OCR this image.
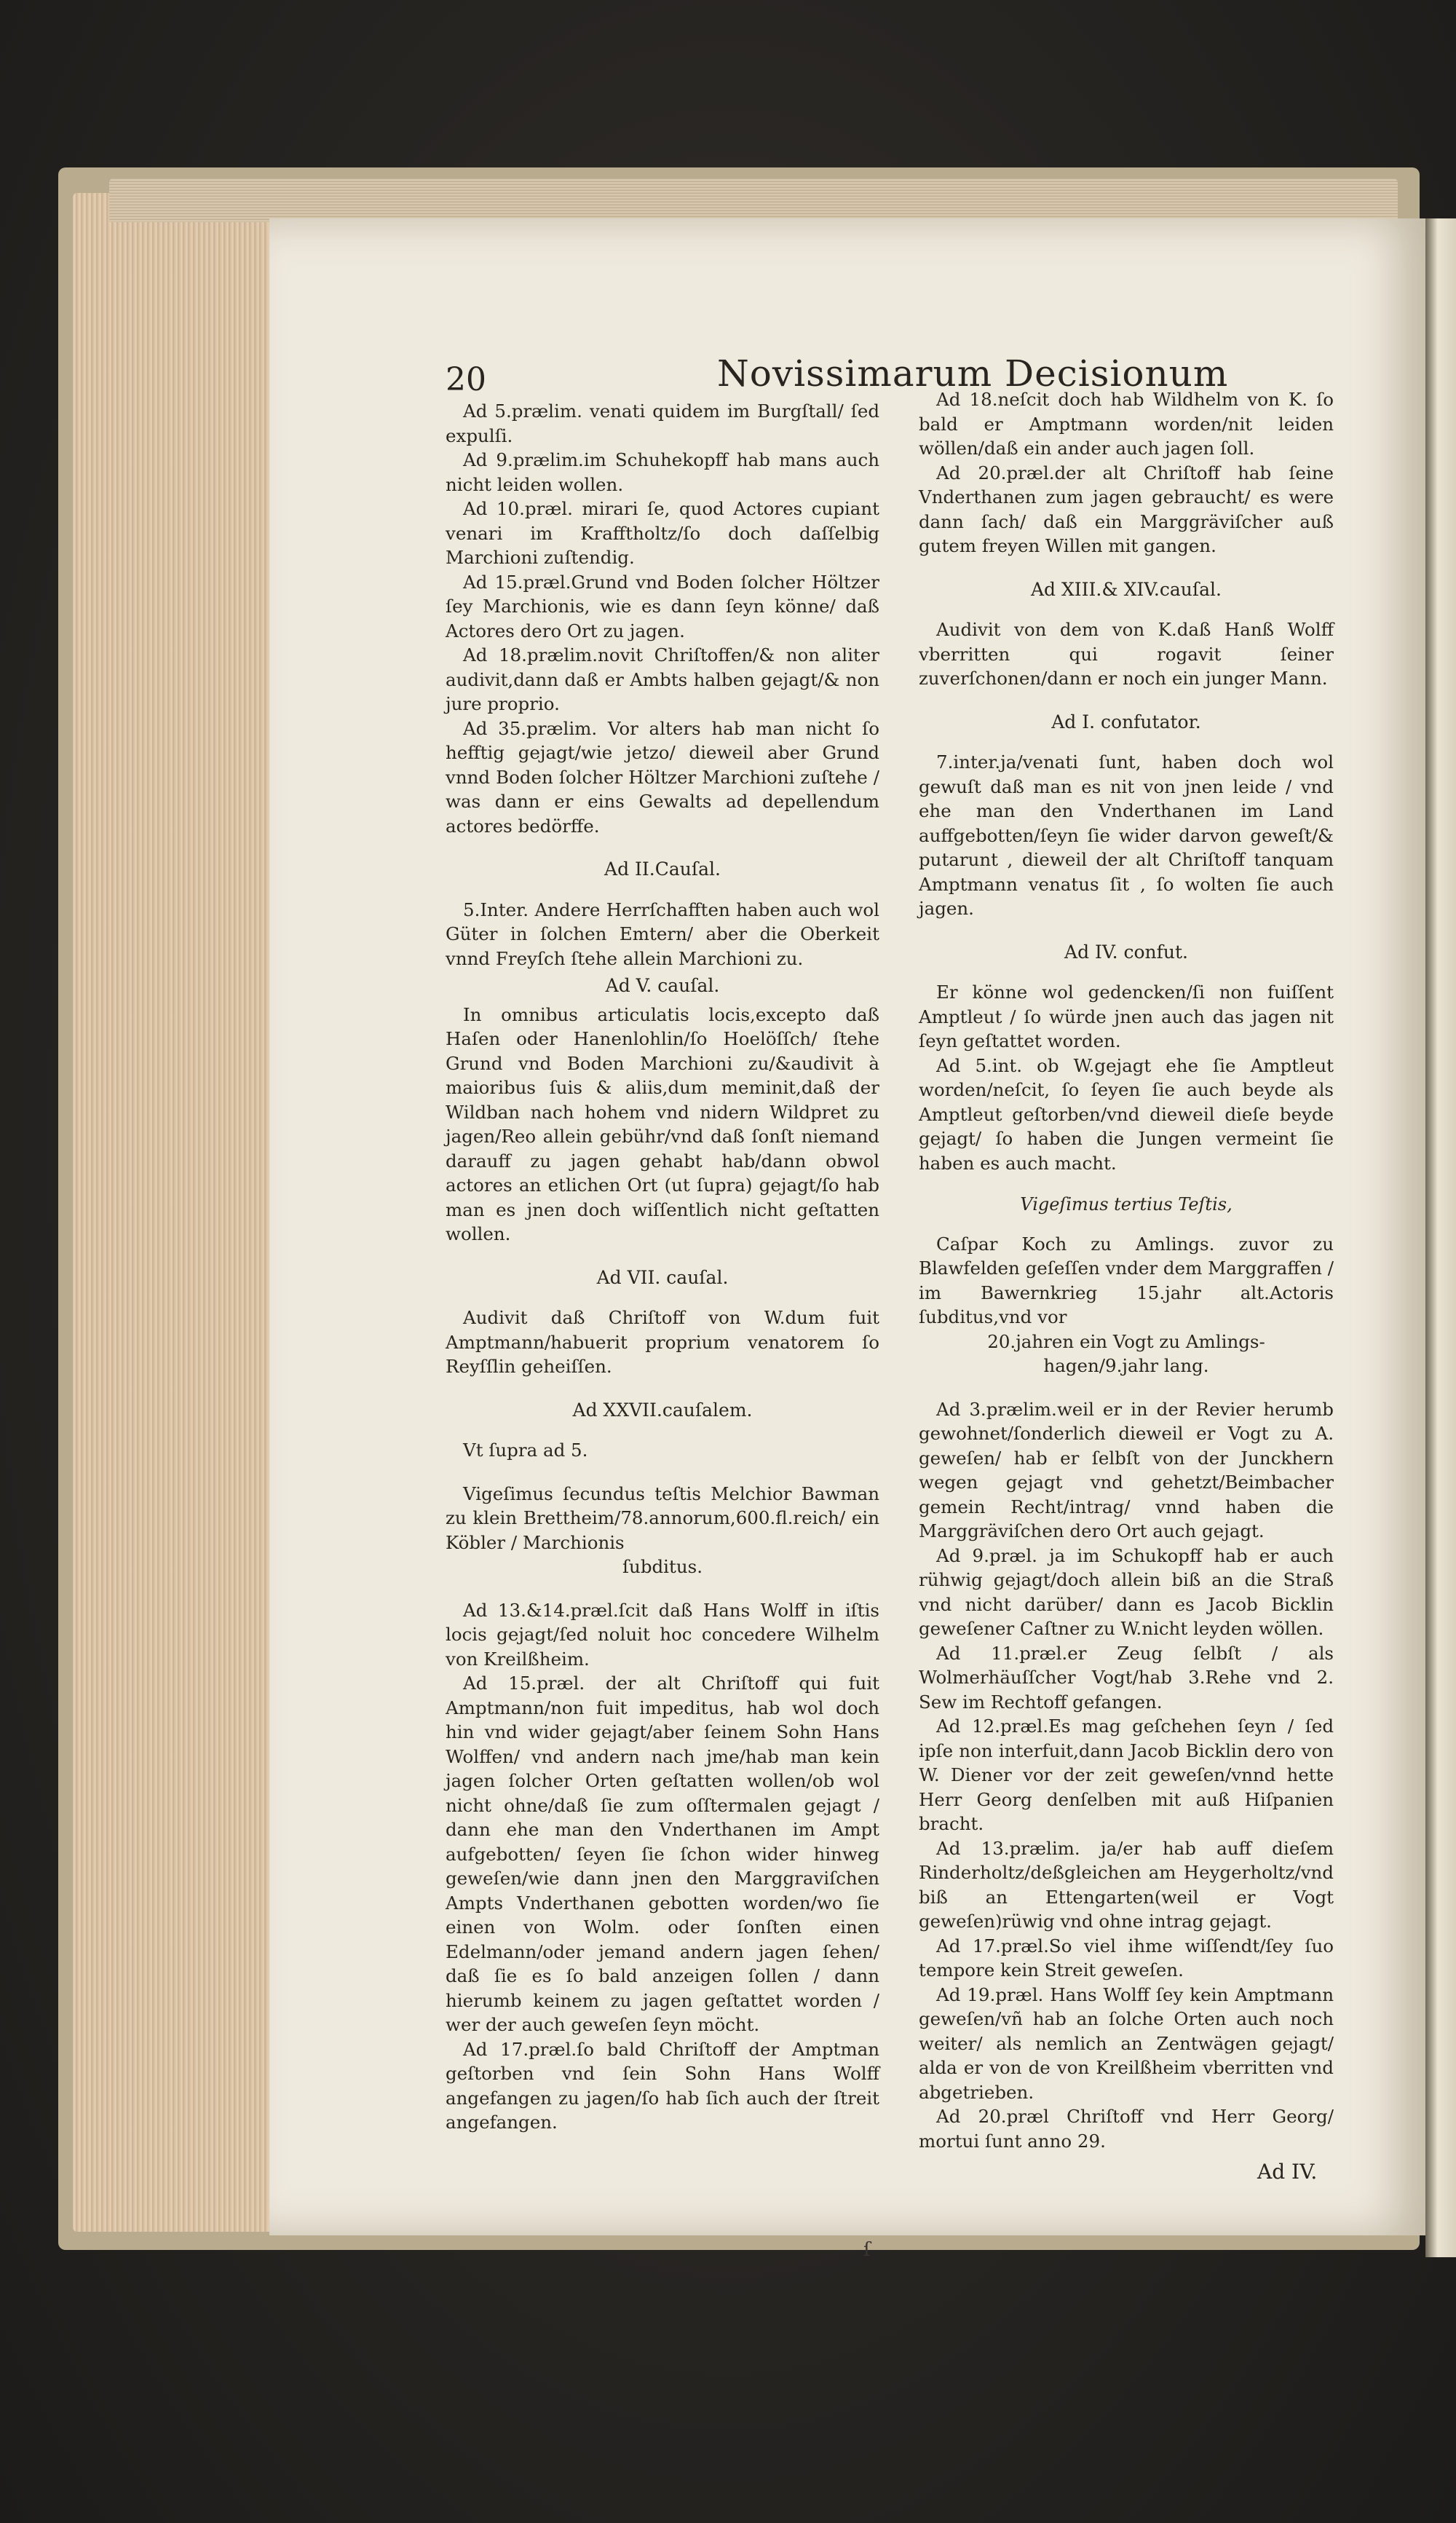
20	Novissimarum Decisionum

Ad 5.prælim. venati quidem im Burgſtall/ ſed expulſi.

Ad 9.prælim.im Schuhekopff hab mans auch nicht leiden wollen.

Ad 10.præl. mirari ſe, quod Actores cupiant venari im Krafftholtz/ſo doch daſſelbig Marchioni zuſtendig.

Ad 15.præl.Grund vnd Boden ſolcher Höltzer ſey Marchionis, wie es dann ſeyn könne/ daß Actores dero Ort zu jagen.

Ad 18.prælim.novit Chriſtoffen/& non aliter audivit,dann daß er Ambts halben gejagt/& non jure proprio.

Ad 35.prælim. Vor alters hab man nicht ſo hefftig gejagt/wie jetzo/ dieweil aber Grund vnnd Boden ſolcher Höltzer Marchioni zuſtehe / was dann er eins Gewalts ad depellendum actores bedörffe.

Ad II.Cauſal.

5.Inter. Andere Herrſchafften haben auch wol Güter in ſolchen Emtern/ aber die Oberkeit vnnd Freyſch ſtehe allein Marchioni zu.

Ad V. cauſal.

In omnibus articulatis locis,excepto daß Haſen oder Hanenlohlin/ſo Hoelöſſch/ ſtehe Grund vnd Boden Marchioni zu/&audivit à maioribus ſuis & aliis,dum meminit,daß der Wildban nach hohem vnd nidern Wildpret zu jagen/Reo allein gebühr/vnd daß ſonſt niemand darauff zu jagen gehabt hab/dann obwol actores an etlichen Ort (ut ſupra) gejagt/ſo hab man es jnen doch wiſſentlich nicht geſtatten wollen.

Ad VII. cauſal.

Audivit daß Chriſtoff von W.dum fuit Amptmann/habuerit proprium venatorem ſo Reyſſlin geheiſſen.

Ad XXVII.cauſalem.

Vt ſupra ad 5.

Vigeſimus ſecundus teſtis Melchior Bawman zu klein Brettheim/78.annorum,600.fl.reich/ ein Köbler / Marchionis

ſubditus.

Ad 13.&14.præl.ſcit daß Hans Wolff in iſtis locis gejagt/ſed noluit hoc concedere Wilhelm von Kreilßheim.

Ad 15.præl. der alt Chriſtoff qui fuit Amptmann/non fuit impeditus, hab wol doch hin vnd wider gejagt/aber ſeinem Sohn Hans Wolffen/ vnd andern nach jme/hab man kein jagen ſolcher Orten geſtatten wollen/ob wol nicht ohne/daß ſie zum oſſtermalen gejagt / dann ehe man den Vnderthanen im Ampt aufgebotten/ ſeyen ſie ſchon wider hinweg geweſen/wie dann jnen den Marggraviſchen Ampts Vnderthanen gebotten worden/wo ſie einen von Wolm. oder ſonſten einen Edelmann/oder jemand andern jagen ſehen/ daß ſie es ſo bald anzeigen ſollen / dann hierumb keinem zu jagen geſtattet worden / wer der auch geweſen ſeyn möcht.

Ad 17.præl.ſo bald Chriſtoff der Amptman geſtorben vnd ſein Sohn Hans Wolff angefangen zu jagen/ſo hab ſich auch der ſtreit angefangen.

Ad 18.neſcit doch hab Wildhelm von K. ſo bald er Amptmann worden/nit leiden wöllen/daß ein ander auch jagen ſoll.

Ad 20.præl.der alt Chriſtoff hab ſeine Vnderthanen zum jagen gebraucht/ es were dann ſach/ daß ein Marggräviſcher auß gutem freyen Willen mit gangen.

Ad XIII.& XIV.cauſal.

Audivit von dem von K.daß Hanß Wolff vberritten qui rogavit ſeiner zuverſchonen/dann er noch ein junger Mann.

Ad I. confutator.

7.inter.ja/venati ſunt, haben doch wol gewuſt daß man es nit von jnen leide / vnd ehe man den Vnderthanen im Land auffgebotten/ſeyn ſie wider darvon geweſt/& putarunt , dieweil der alt Chriſtoff tanquam Amptmann venatus ſit , ſo wolten ſie auch jagen.

Ad IV. confut.

Er könne wol gedencken/ſi non fuiſſent Amptleut / ſo würde jnen auch das jagen nit ſeyn geſtattet worden.

Ad 5.int. ob W.gejagt ehe ſie Amptleut worden/neſcit, ſo ſeyen ſie auch beyde als Amptleut geſtorben/vnd dieweil dieſe beyde gejagt/ ſo haben die Jungen vermeint ſie haben es auch macht.

Vigeſimus tertius Teſtis,

Caſpar Koch zu Amlings. zuvor zu Blawfelden geſeſſen vnder dem Marggraffen / im Bawernkrieg 15.jahr alt.Actoris ſubditus,vnd vor

20.jahren ein Vogt zu Amlings-

hagen/9.jahr lang.

Ad 3.prælim.weil er in der Revier herumb gewohnet/ſonderlich dieweil er Vogt zu A. geweſen/ hab er ſelbſt von der Junckhern wegen gejagt vnd gehetzt/Beimbacher gemein Recht/intrag/ vnnd haben die Marggräviſchen dero Ort auch gejagt.

Ad 9.præl. ja im Schukopff hab er auch rühwig gejagt/doch allein biß an die Straß vnd nicht darüber/ dann es Jacob Bicklin geweſener Caſtner zu W.nicht leyden wöllen.

Ad 11.præl.er Zeug ſelbſt / als Wolmerhäuſſcher Vogt/hab 3.Rehe vnd 2. Sew im Rechtoff gefangen.

Ad 12.præl.Es mag geſchehen ſeyn / ſed ipſe non interfuit,dann Jacob Bicklin dero von W. Diener vor der zeit geweſen/vnnd hette Herr Georg denſelben mit auß Hiſpanien bracht.

Ad 13.prælim. ja/er hab auff dieſem Rinderholtz/deßgleichen am Heygerholtz/vnd biß an Ettengarten(weil er Vogt geweſen)rüwig vnd ohne intrag gejagt.

Ad 17.præl.So viel ihme wiſſendt/ſey ſuo tempore kein Streit geweſen.

Ad 19.præl. Hans Wolff ſey kein Amptmann geweſen/vñ hab an ſolche Orten auch noch weiter/ als nemlich an Zentwägen gejagt/ alda er von de von Kreilßheim vberritten vnd abgetrieben.

Ad 20.præl Chriſtoff vnd Herr Georg/ mortui ſunt anno 29.

Ad IV.
ſ
